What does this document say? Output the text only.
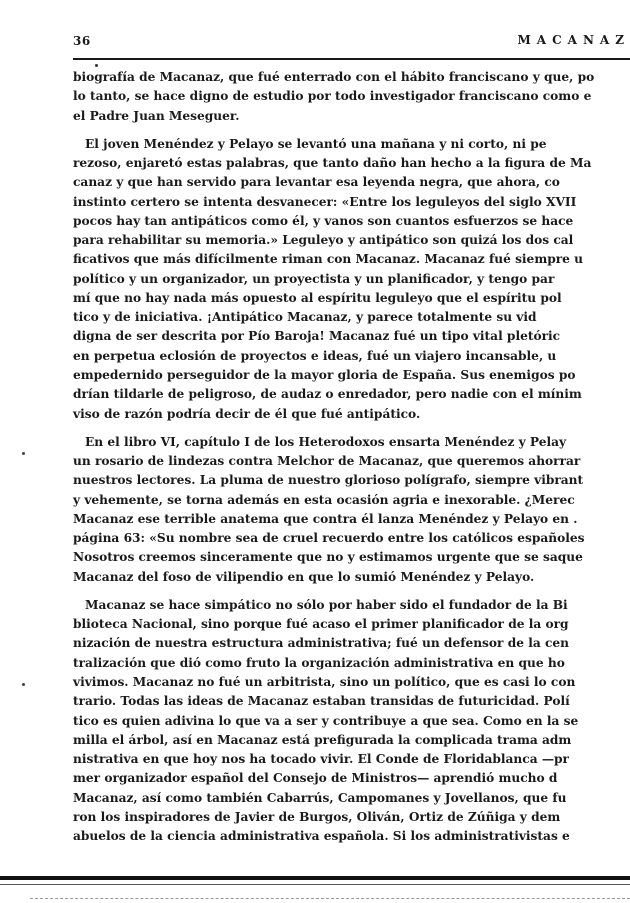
36	MACANAZ
biografía de Macanaz, que fué enterrado con el hábito franciscano y que, po
lo tanto, se hace digno de estudio por todo investigador franciscano como e
el Padre Juan Meseguer.
El joven Menéndez y Pelayo se levantó una mañana y ni corto, ni pe
rezoso, enjaretó estas palabras, que tanto daño han hecho a la figura de Ma
canaz y que han servido para levantar esa leyenda negra, que ahora, co
instinto certero se intenta desvanecer: «Entre los leguleyos del siglo XVII
pocos hay tan antipáticos como él, y vanos son cuantos esfuerzos se hace
para rehabilitar su memoria.» Leguleyo y antipático son quizá los dos cal
ficativos que más difícilmente riman con Macanaz. Macanaz fué siempre u
político y un organizador, un proyectista y un planificador, y tengo par
mí que no hay nada más opuesto al espíritu leguleyo que el espíritu pol
tico y de iniciativa. ¡Antipático Macanaz, y parece totalmente su vid
digna de ser descrita por Pío Baroja! Macanaz fué un tipo vital pletóric
en perpetua eclosión de proyectos e ideas, fué un viajero incansable, u
empedernido perseguidor de la mayor gloria de España. Sus enemigos po
drían tildarle de peligroso, de audaz o enredador, pero nadie con el mínim
viso de razón podría decir de él que fué antipático.
En el libro VI, capítulo I de los Heterodoxos ensarta Menéndez y Pelay
un rosario de lindezas contra Melchor de Macanaz, que queremos ahorrar
nuestros lectores. La pluma de nuestro glorioso polígrafo, siempre vibrant
y vehemente, se torna además en esta ocasión agria e inexorable. ¿Merec
Macanaz ese terrible anatema que contra él lanza Menéndez y Pelayo en .
página 63: «Su nombre sea de cruel recuerdo entre los católicos españoles
Nosotros creemos sinceramente que no y estimamos urgente que se saque
Macanaz del foso de vilipendio en que lo sumió Menéndez y Pelayo.
Macanaz se hace simpático no sólo por haber sido el fundador de la Bi
blioteca Nacional, sino porque fué acaso el primer planificador de la org
nización de nuestra estructura administrativa; fué un defensor de la cen
tralización que dió como fruto la organización administrativa en que ho
vivimos. Macanaz no fué un arbitrista, sino un político, que es casi lo con
trario. Todas las ideas de Macanaz estaban transidas de futuricidad. Polí
tico es quien adivina lo que va a ser y contribuye a que sea. Como en la se
milla el árbol, así en Macanaz está prefigurada la complicada trama adm
nistrativa en que hoy nos ha tocado vivir. El Conde de Floridablanca —pr
mer organizador español del Consejo de Ministros— aprendió mucho d
Macanaz, así como también Cabarrús, Campomanes y Jovellanos, que fu
ron los inspiradores de Javier de Burgos, Oliván, Ortiz de Zúñiga y dem
abuelos de la ciencia administrativa española. Si los administrativistas e
